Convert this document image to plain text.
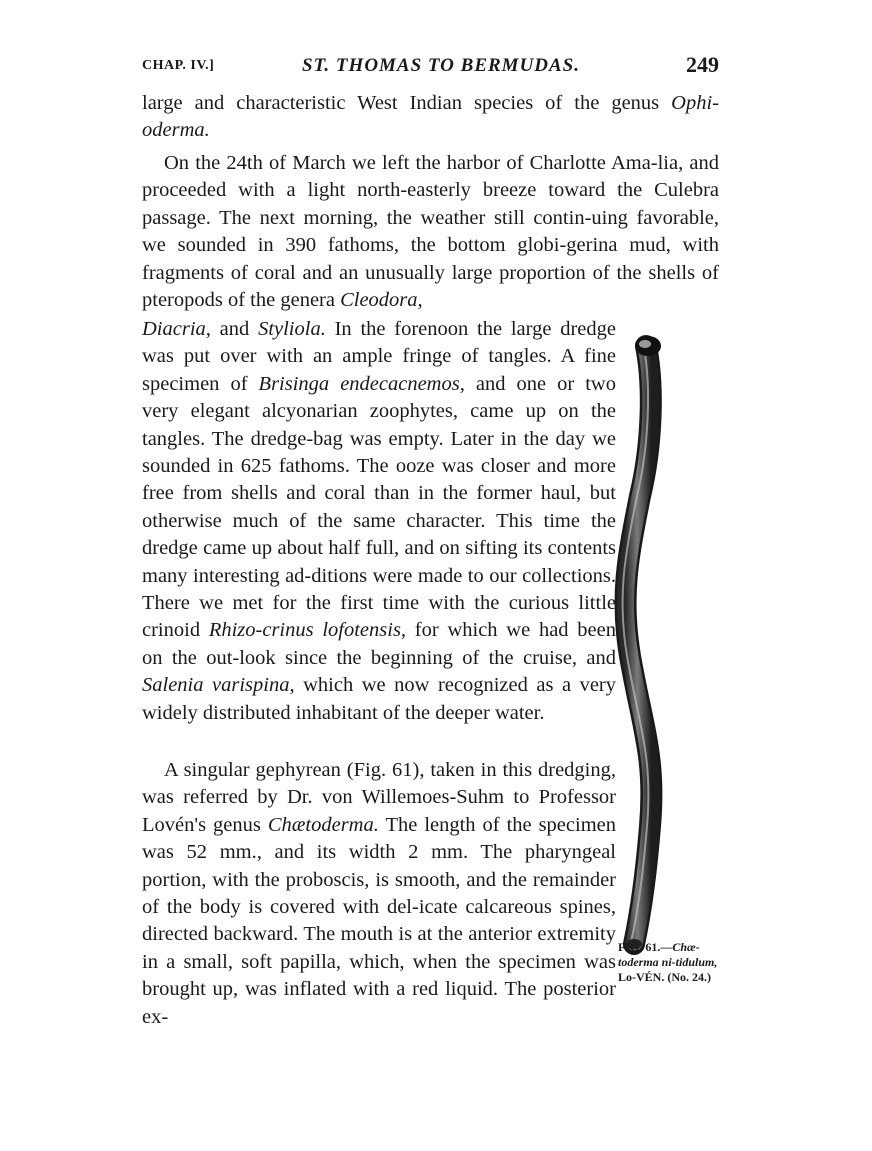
CHAP. IV.]	ST. THOMAS TO BERMUDAS.	249

large and characteristic West Indian species of the genus Ophi-oderma.

On the 24th of March we left the harbor of Charlotte Ama-lia, and proceeded with a light north-easterly breeze toward the Culebra passage. The next morning, the weather still contin-uing favorable, we sounded in 390 fathoms, the bottom globi-gerina mud, with fragments of coral and an unusually large proportion of the shells of pteropods of the genera Cleodora,

Diacria, and Styliola. In the forenoon the large dredge was put over with an ample fringe of tangles. A fine specimen of Brisinga endecacnemos, and one or two very elegant alcyonarian zoophytes, came up on the tangles. The dredge-bag was empty. Later in the day we sounded in 625 fathoms. The ooze was closer and more free from shells and coral than in the former haul, but otherwise much of the same character. This time the dredge came up about half full, and on sifting its contents many interesting ad-ditions were made to our collections. There we met for the first time with the curious little crinoid Rhizo-crinus lofotensis, for which we had been on the out-look since the beginning of the cruise, and Salenia varispina, which we now recognized as a very widely distributed inhabitant of the deeper water.

A singular gephyrean (Fig. 61), taken in this dredging, was referred by Dr. von Willemoes-Suhm to Professor Lovén's genus Chætoderma. The length of the specimen was 52 mm., and its width 2 mm. The pharyngeal portion, with the proboscis, is smooth, and the remainder of the body is covered with del-icate calcareous spines, directed backward. The mouth is at the anterior extremity in a small, soft papilla, which, when the specimen was brought up, was inflated with a red liquid. The posterior ex-

FIG. 61.—Chæ-toderma ni-tidulum, Lo-VÉN. (No. 24.)
